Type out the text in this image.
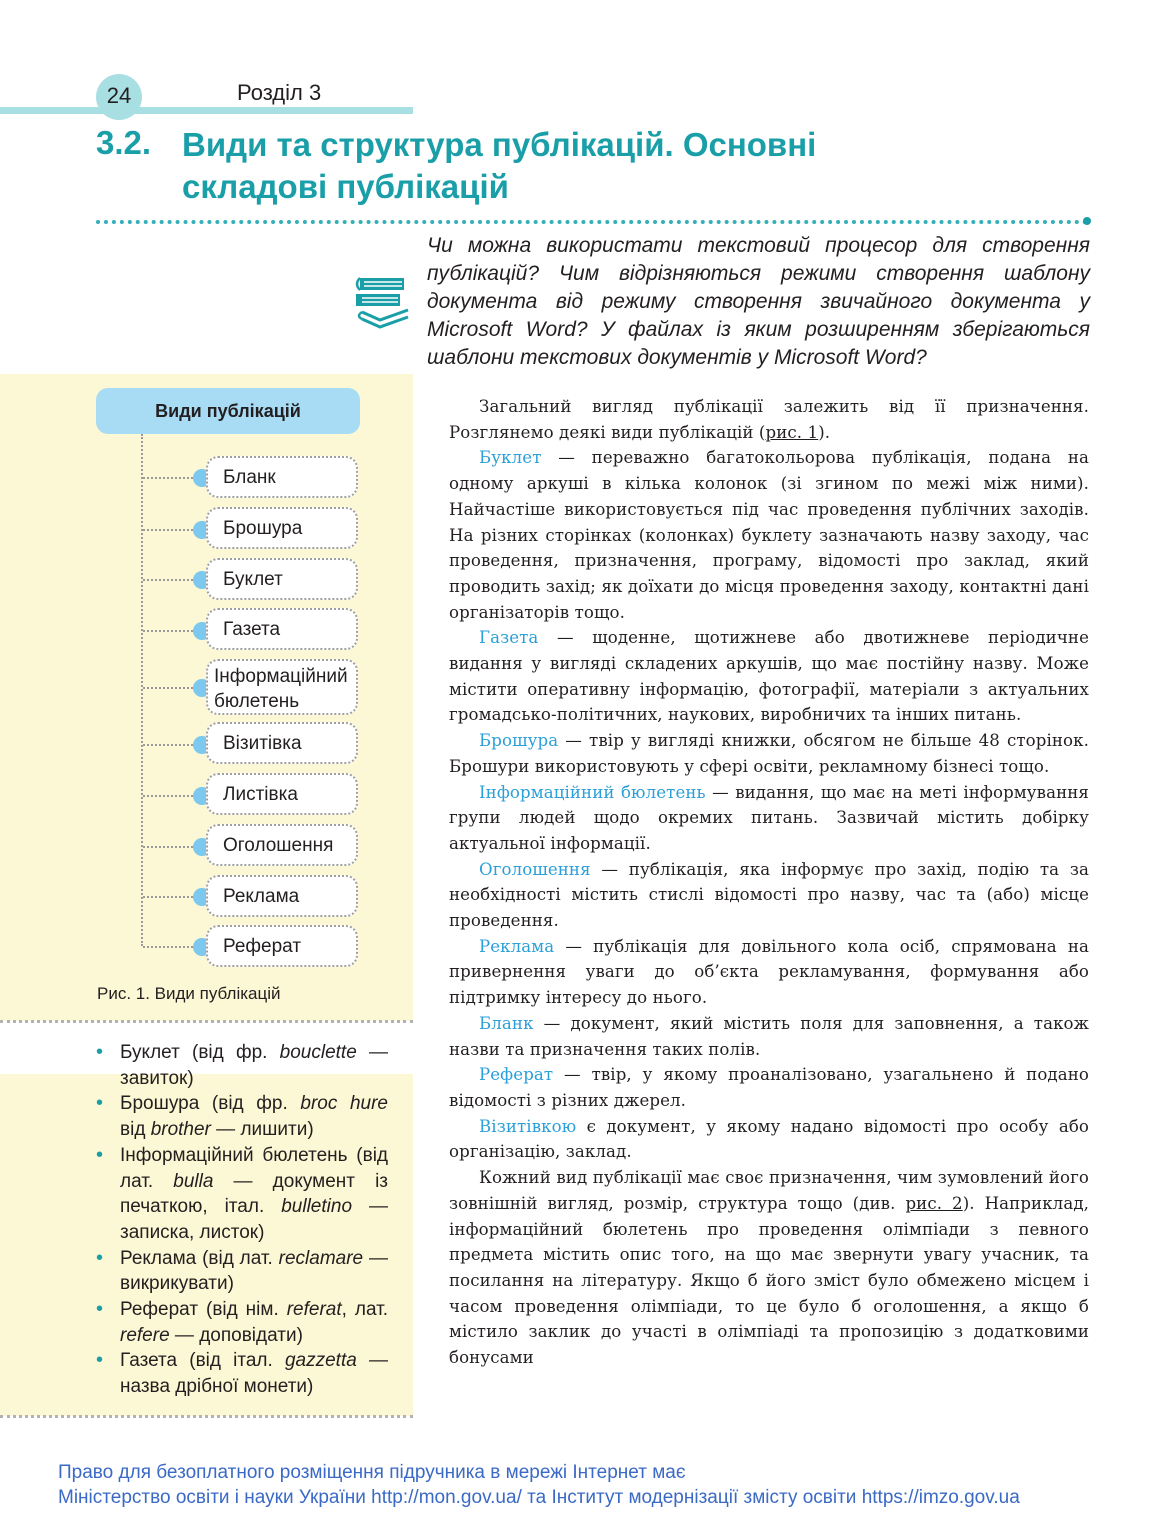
24	Розділ 3
3.2. Види та структура публікацій. Основні складові публікацій
Чи можна використати текстовий процесор для створення публікацій? Чим відрізняються режими створення шаблону документа від режиму створення звичайного документа у Microsoft Word? У файлах із яким розширенням зберігаються шаблони текстових документів у Microsoft Word?
Види публікацій
Бланк
Брошура
Буклет
Газета
Інформаційний бюлетень
Візитівка
Листівка
Оголошення
Реклама
Реферат
Рис. 1. Види публікацій
• Буклет (від фр. bouclette — завиток)
• Брошура (від фр. broc hure від brother — лишити)
• Інформаційний бюлетень (від лат. bulla — документ із печаткою, італ. bulletino — записка, листок)
• Реклама (від лат. reclamare — викрикувати)
• Реферат (від нім. referat, лат. refere — доповідати)
• Газета (від італ. gazzetta — назва дрібної монети)

Загальний вигляд публікації залежить від її призначення. Розглянемо деякі види публікацій (рис. 1).

Буклет — переважно багатокольорова публікація, подана на одному аркуші в кілька колонок (зі згином по межі між ними). Найчастіше використовується під час проведення публічних заходів. На різних сторінках (колонках) буклету зазначають назву заходу, час проведення, призначення, програму, відомості про заклад, який проводить захід; як доїхати до місця проведення заходу, контактні дані організаторів тощо.

Газета — щоденне, щотижневе або двотижневе періодичне видання у вигляді складених аркушів, що має постійну назву. Може містити оперативну інформацію, фотографії, матеріали з актуальних громадсько-політичних, наукових, виробничих та інших питань.

Брошура — твір у вигляді книжки, обсягом не більше 48 сторінок. Брошури використовують у сфері освіти, рекламному бізнесі тощо.

Інформаційний бюлетень — видання, що має на меті інформування групи людей щодо окремих питань. Зазвичай містить добірку актуальної інформації.

Оголошення — публікація, яка інформує про захід, подію та за необхідності містить стислі відомості про назву, час та (або) місце проведення.

Реклама — публікація для довільного кола осіб, спрямована на привернення уваги до об’єкта рекламування, формування або підтримку інтересу до нього.

Бланк — документ, який містить поля для заповнення, а також назви та призначення таких полів.

Реферат — твір, у якому проаналізовано, узагальнено й подано відомості з різних джерел.

Візитівкою є документ, у якому надано відомості про особу або організацію, заклад.

Кожний вид публікації має своє призначення, чим зумовлений його зовнішній вигляд, розмір, структура тощо (див. рис. 2). Наприклад, інформаційний бюлетень про проведення олімпіади з певного предмета містить опис того, на що має звернути увагу учасник, та посилання на літературу. Якщо б його зміст було обмежено місцем і часом проведення олімпіади, то це було б оголошення, а якщо б містило заклик до участі в олімпіаді та пропозицію з додатковими бонусами

Право для безоплатного розміщення підручника в мережі Інтернет має
Міністерство освіти і науки України http://mon.gov.ua/ та Інститут модернізації змісту освіти https://imzo.gov.ua
